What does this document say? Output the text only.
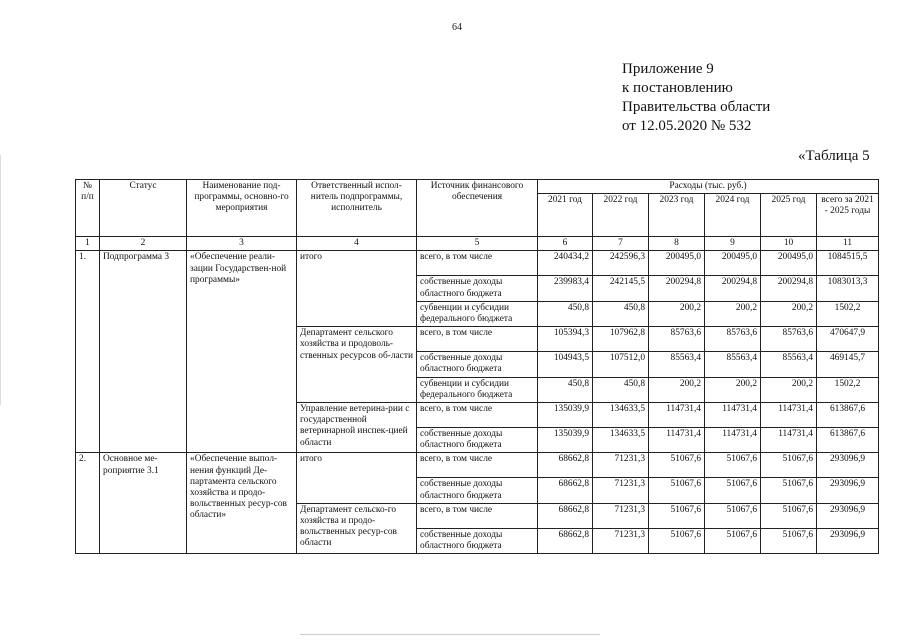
64
Приложение 9
к постановлению
Правительства области
от 12.05.2020 № 532
«Таблица 5
№ п/п	Статус	Наименование под-программы, основно-го мероприятия	Ответственный испол-нитель подпрограммы, исполнитель	Источник финансового обеспечения	Расходы (тыс. руб.)					
					2021 год	2022 год	2023 год	2024 год	2025 год	всего за 2021 - 2025 годы
1	2	3	4	5	6	7	8	9	10	11
1.	Подпрограмма 3	«Обеспечение реали-зации Государствен-ной программы»	итого	всего, в том числе	240434,2	242596,3	200495,0	200495,0	200495,0	1084515,5
				собственные доходы областного бюджета	239983,4	242145,5	200294,8	200294,8	200294,8	1083013,3
				субвенции и субсидии федерального бюджета	450,8	450,8	200,2	200,2	200,2	1502,2
			Департамент сельского хозяйства и продоволь-ственных ресурсов об-ласти	всего, в том числе	105394,3	107962,8	85763,6	85763,6	85763,6	470647,9
				собственные доходы областного бюджета	104943,5	107512,0	85563,4	85563,4	85563,4	469145,7
				субвенции и субсидии федерального бюджета	450,8	450,8	200,2	200,2	200,2	1502,2
			Управление ветерина-рии с государственной ветеринарной инспек-цией области	всего, в том числе	135039,9	134633,5	114731,4	114731,4	114731,4	613867,6
				собственные доходы областного бюджета	135039,9	134633,5	114731,4	114731,4	114731,4	613867,6
2.	Основное ме-роприятие 3.1	«Обеспечение выпол-нения функций Де-партамента сельского хозяйства и продо-вольственных ресур-сов области»	итого	всего, в том числе	68662,8	71231,3	51067,6	51067,6	51067,6	293096,9
				собственные доходы областного бюджета	68662,8	71231,3	51067,6	51067,6	51067,6	293096,9
			Департамент сельско-го хозяйства и продо-вольственных ресур-сов области	всего, в том числе	68662,8	71231,3	51067,6	51067,6	51067,6	293096,9
				собственные доходы областного бюджета	68662,8	71231,3	51067,6	51067,6	51067,6	293096,9
